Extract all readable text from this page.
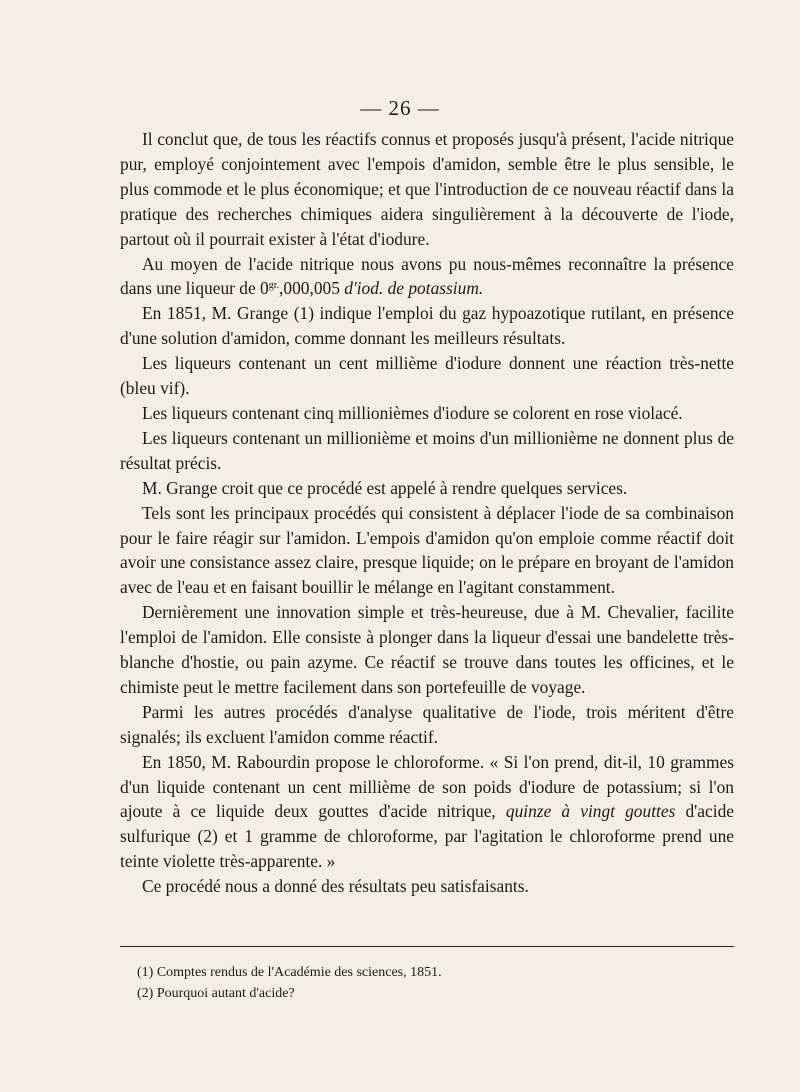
— 26 —

Il conclut que, de tous les réactifs connus et proposés jusqu'à présent, l'acide nitrique pur, employé conjointement avec l'empois d'amidon, semble être le plus sensible, le plus commode et le plus économique; et que l'introduction de ce nouveau réactif dans la pratique des recherches chimiques aidera singulièrement à la découverte de l'iode, partout où il pourrait exister à l'état d'iodure.

Au moyen de l'acide nitrique nous avons pu nous-mêmes reconnaître la présence dans une liqueur de $0^{gr.},000,005$ d'iod. de potassium.

En 1851, M. Grange (1) indique l'emploi du gaz hypoazotique rutilant, en présence d'une solution d'amidon, comme donnant les meilleurs résultats.

Les liqueurs contenant un cent millième d'iodure donnent une réaction très-nette (bleu vif).

Les liqueurs contenant cinq millionièmes d'iodure se colorent en rose violacé.

Les liqueurs contenant un millionième et moins d'un millionième ne donnent plus de résultat précis.

M. Grange croit que ce procédé est appelé à rendre quelques services.

Tels sont les principaux procédés qui consistent à déplacer l'iode de sa combinaison pour le faire réagir sur l'amidon. L'empois d'amidon qu'on emploie comme réactif doit avoir une consistance assez claire, presque liquide; on le prépare en broyant de l'amidon avec de l'eau et en faisant bouillir le mélange en l'agitant constamment.

Dernièrement une innovation simple et très-heureuse, due à M. Chevalier, facilite l'emploi de l'amidon. Elle consiste à plonger dans la liqueur d'essai une bandelette très-blanche d'hostie, ou pain azyme. Ce réactif se trouve dans toutes les officines, et le chimiste peut le mettre facilement dans son portefeuille de voyage.

Parmi les autres procédés d'analyse qualitative de l'iode, trois méritent d'être signalés; ils excluent l'amidon comme réactif.

En 1850, M. Rabourdin propose le chloroforme. « Si l'on prend, dit-il, 10 grammes d'un liquide contenant un cent millième de son poids d'iodure de potassium; si l'on ajoute à ce liquide deux gouttes d'acide nitrique, quinze à vingt gouttes d'acide sulfurique (2) et 1 gramme de chloroforme, par l'agitation le chloroforme prend une teinte violette très-apparente. »

Ce procédé nous a donné des résultats peu satisfaisants.

(1) Comptes rendus de l'Académie des sciences, 1851.
(2) Pourquoi autant d'acide?
